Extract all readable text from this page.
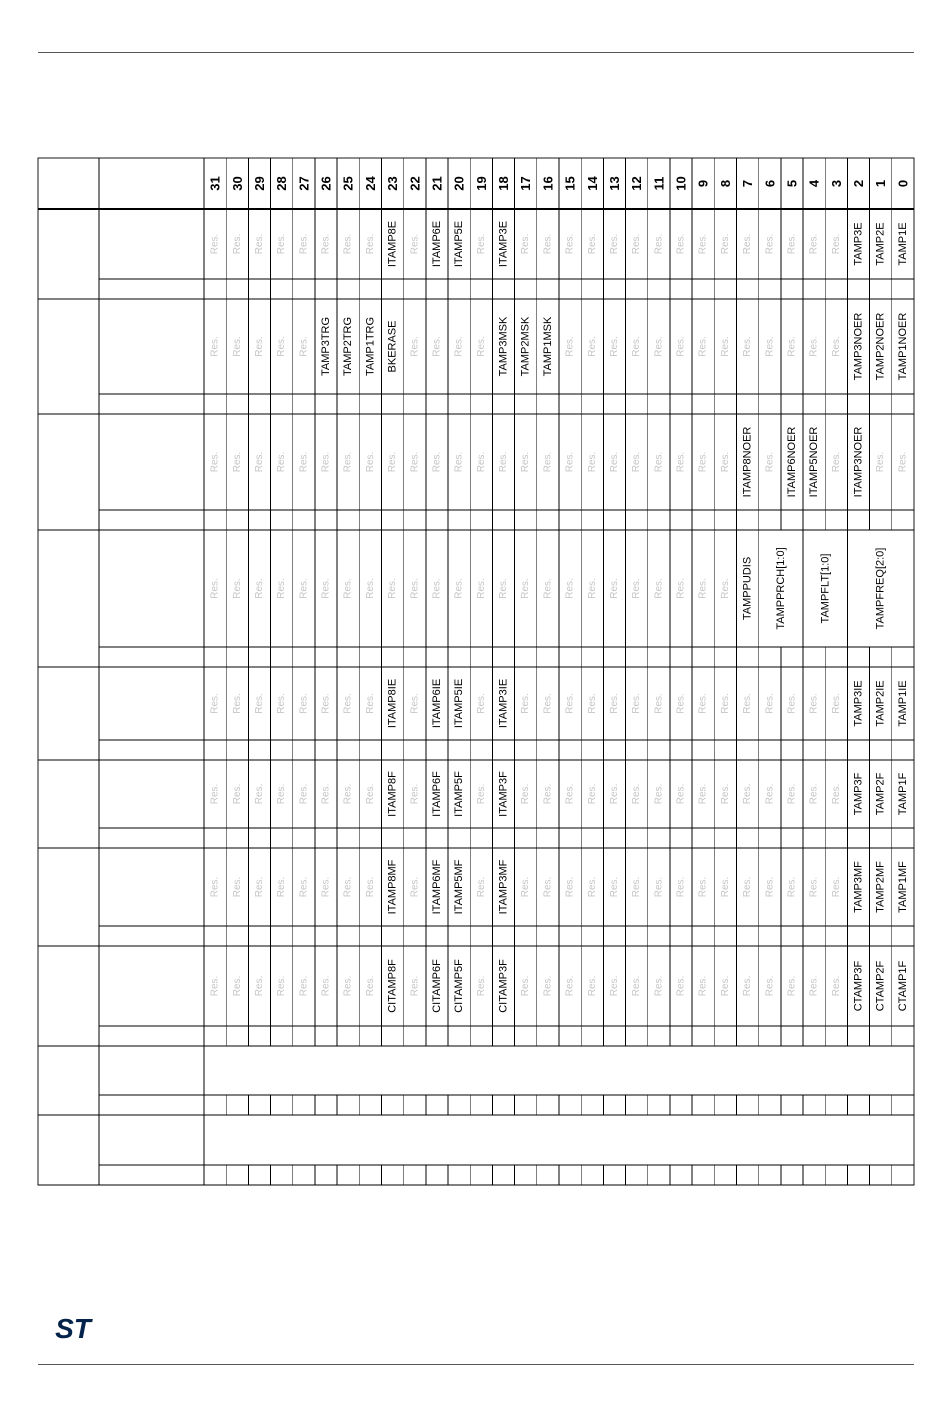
31 30 29 28 27 26 25 24 23 22 21 20 19 18 17 16 15 14 13 12 11 10 9 8 7 6 5 4 3 2 1 0
Res. Res. Res. Res. Res. Res. Res. Res. ITAMP8E Res. ITAMP6E ITAMP5E Res. ITAMP3E Res. Res. Res. Res. Res. Res. Res. Res. Res. Res. Res. Res. Res. Res. Res. TAMP3E TAMP2E TAMP1E
Res. Res. Res. Res. Res. TAMP3TRG TAMP2TRG TAMP1TRG BKERASE Res. Res. Res. Res. TAMP3MSK TAMP2MSK TAMP1MSK Res. Res. Res. Res. Res. Res. Res. Res. Res. Res. Res. Res. Res. TAMP3NOER TAMP2NOER TAMP1NOER
Res. Res. Res. Res. Res. Res. Res. Res. Res. Res. Res. Res. Res. Res. Res. Res. Res. Res. Res. Res. Res. Res. Res. Res. ITAMP8NOER Res. ITAMP6NOER ITAMP5NOER Res. ITAMP3NOER Res. Res.
Res. Res. Res. Res. Res. Res. Res. Res. Res. Res. Res. Res. Res. Res. Res. Res. Res. Res. Res. Res. Res. Res. Res. Res. TAMPPUDIS TAMPPRCH[1:0]	TAMPFLT[1:0]	TAMPFREQ[2:0]
Res. Res. Res. Res. Res. Res. Res. Res. ITAMP8IE Res. ITAMP6IE ITAMP5IE Res. ITAMP3IE Res. Res. Res. Res. Res. Res. Res. Res. Res. Res. Res. Res. Res. Res. Res. TAMP3IE TAMP2IE TAMP1IE
Res. Res. Res. Res. Res. Res. Res. Res. ITAMP8F Res. ITAMP6F ITAMP5F Res. ITAMP3F Res. Res. Res. Res. Res. Res. Res. Res. Res. Res. Res. Res. Res. Res. Res. TAMP3F TAMP2F TAMP1F
Res. Res. Res. Res. Res. Res. Res. Res. ITAMP8MF Res. ITAMP6MF ITAMP5MF Res. ITAMP3MF Res. Res. Res. Res. Res. Res. Res. Res. Res. Res. Res. Res. Res. Res. Res. TAMP3MF TAMP2MF TAMP1MF
Res. Res. Res. Res. Res. Res. Res. Res. CITAMP8F Res. CITAMP6F CITAMP5F Res. CITAMP3F Res. Res. Res. Res. Res. Res. Res. Res. Res. Res. Res. Res. Res. Res. Res. CTAMP3F CTAMP2F CTAMP1F
ST
